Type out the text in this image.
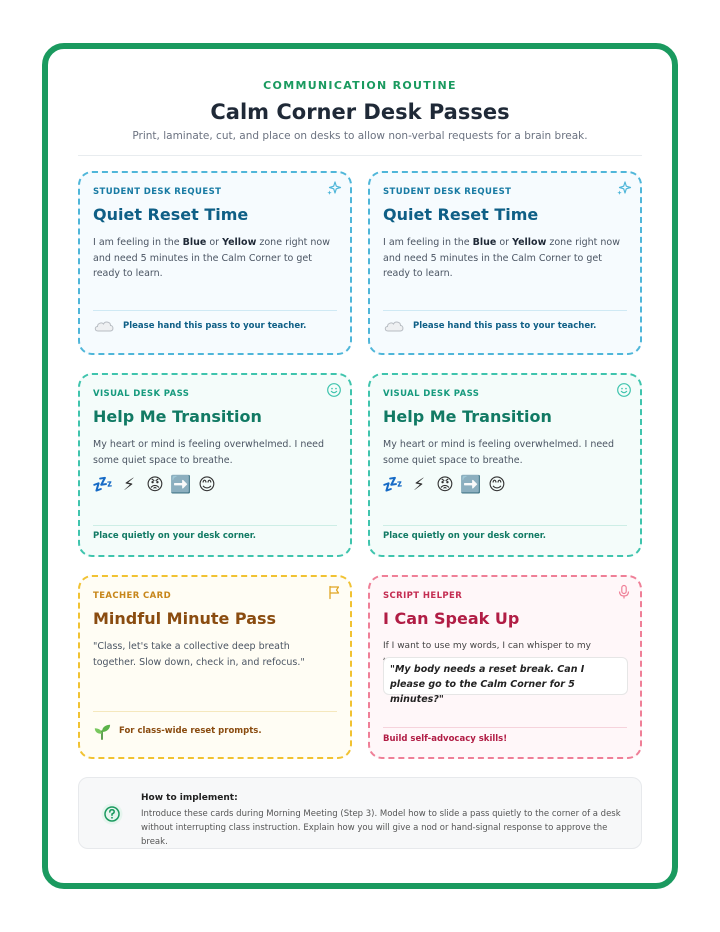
COMMUNICATION ROUTINE
Calm Corner Desk Passes
Print, laminate, cut, and place on desks to allow non-verbal requests for a brain break.
STUDENT DESK REQUEST
Quiet Reset Time
I am feeling in the Blue or Yellow zone right now and need 5 minutes in the Calm Corner to get ready to learn.
Please hand this pass to your teacher.
STUDENT DESK REQUEST
Quiet Reset Time
I am feeling in the Blue or Yellow zone right now and need 5 minutes in the Calm Corner to get ready to learn.
Please hand this pass to your teacher.
VISUAL DESK PASS
Help Me Transition
My heart or mind is feeling overwhelmed. I need some quiet space to breathe.
💤 ⚡ 😡 ➡️ 😊
Place quietly on your desk corner.
VISUAL DESK PASS
Help Me Transition
My heart or mind is feeling overwhelmed. I need some quiet space to breathe.
💤 ⚡ 😡 ➡️ 😊
Place quietly on your desk corner.
TEACHER CARD
Mindful Minute Pass
"Class, let's take a collective deep breath together. Slow down, check in, and refocus."
For class-wide reset prompts.
SCRIPT HELPER
I Can Speak Up
If I want to use my words, I can whisper to my
"My body needs a reset break. Can I please go to the Calm Corner for 5 minutes?"
Build self-advocacy skills!
How to implement:
Introduce these cards during Morning Meeting (Step 3). Model how to slide a pass quietly to the corner of a desk without interrupting class instruction. Explain how you will give a nod or hand-signal response to approve the break.
